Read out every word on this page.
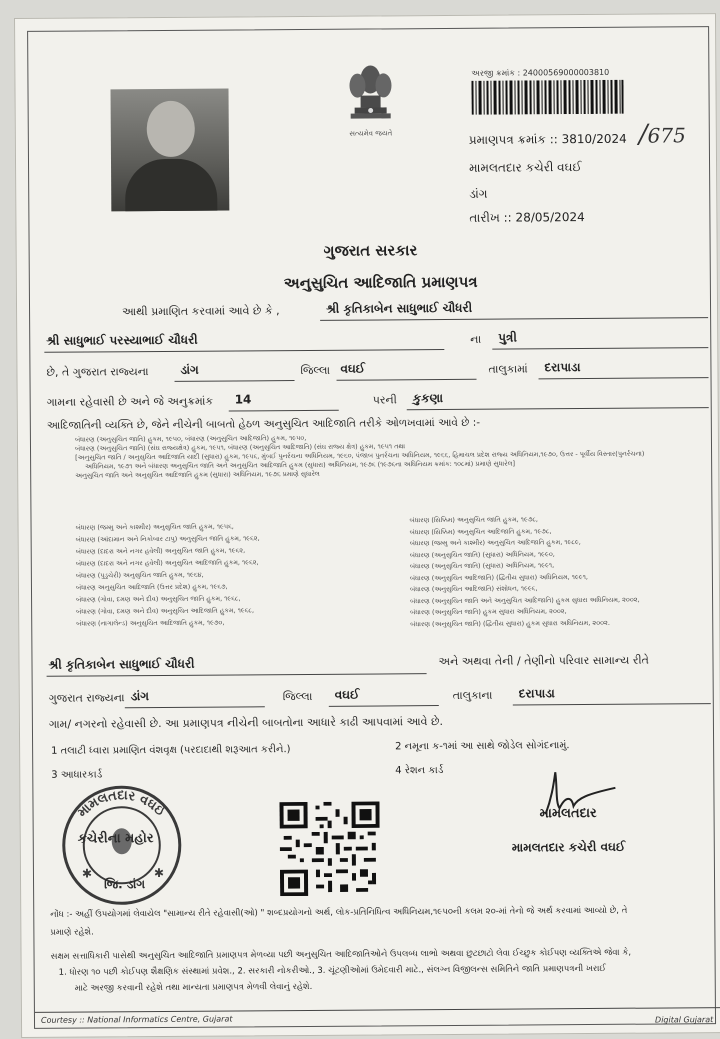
સત્યમેવ જયતે
અરજી ક્રમાંક : 24000569000003810
પ્રમાણપત્ર ક્રમાંક :: 3810/2024 /675
મામલતદાર કચેરી વઘઈ
ડાંગ
તારીખ :: 28/05/2024
ગુજરાત સરકાર
અનુસુચિત આદિજાતિ પ્રમાણપત્ર
આથી પ્રમાણિત કરવામાં આવે છે કે ,	શ્રી કૃતિકાબેન સાધુભાઈ ચૌધરી
શ્રી સાધુભાઈ પરસ્યાભાઈ ચૌધરી	ના પુત્રી
છે, તે ગુજરાત રાજ્યના	ડાંગ	જિલ્લા વઘઈ	તાલુકામાં દરાપાડા
ગામના રહેવાસી છે અને જે અનુક્રમાંક 14	પરની કુકણા
આદિજાતિની વ્યક્તિ છે, જેને નીચેની બાબતો હેઠળ અનુસુચિત આદિજાતિ તરીકે ઓળખવામાં આવે છે :-
બંધારણ (અનુસુચિત જાતિ) હુકમ, ૧૯૫૦, બંધારણ (અનુસુચિત આદિજાતિ) હુકમ, ૧૯૫૦,
બંધારણ (અનુસુચિત જાતિ) (સંઘ રાજ્યક્ષેત્ર) હુકમ, ૧૯૫૧, બંધારણ (અનુસુચિત આદિજાતિ) (સંઘ રાજ્ય ક્ષેત્ર) હુકમ, ૧૯૫૧ તથા
[અનુસુચિત જાતિ / અનુસુચિત આદિજાતિ યાદી (સુધારા) હુકમ, ૧૯૫૬, મુંબઈ પુનર્રચના અધિનિયમ, ૧૯૬૦, પંજાબ પુનર્રચના અધિનિયમ, ૧૯૬૬, હિમાચલ પ્રદેશ રાજ્ય અધિનિયમ,૧૯૭૦, ઉત્તર - પૂર્વીય વિસ્તાર(પુનર્રચના)
અધિનિયમ, ૧૯૭૧ અને બંધારણ અનુસુચિત જાતિ અને અનુસુચિત આદિજાતિ હુકમ (સુધારા) અધિનિયમ, ૧૯૭૬ (૧૯૭૬ના અધિનિયમ ક્રમાંક: ૧૦૮માં) પ્રમાણે સુધારેલ]
અનુસુચિત જાતિ અને અનુસુચિત આદિજાતિ હુકમ (સુધારા) અધિનિયમ, ૧૯૭૬ પ્રમાણે સુધારેલ
બંધારણ (જમ્મુ અને કાશ્મીર) અનુસુચિત જાતિ હુકમ, ૧૯૫૬,
બંધારણ (આંદામાન અને નિકોબાર ટાપુ) અનુસુચિત જાતિ હુકમ, ૧૯૬૨,
બંધારણ (દાદરા અને નગર હવેલી) અનુસુચિત જાતિ હુકમ, ૧૯૬૨,
બંધારણ (દાદરા અને નગર હવેલી) અનુસુચિત આદિજાતિ હુકમ, ૧૯૬૨,
બંધારણ (પુડુચેરી) અનુસુચિત જાતિ હુકમ, ૧૯૬૪,
બંધારણ અનુસુચિત આદિજાતિ (ઉત્તર પ્રદેશ) હુકમ, ૧૯૬૭,
બંધારણ (ગોવા, દમણ અને દીવ) અનુસુચિત જાતિ હુકમ, ૧૯૬૮,
બંધારણ (ગોવા, દમણ અને દીવ) અનુસુચિત આદિજાતિ હુકમ, ૧૯૬૮,
બંધારણ (નાગાલેન્ડ) અનુસુચિત આદિજાતિ હુકમ, ૧૯૭૦,
બંધારણ (સિક્કિમ) અનુસુચિત જાતિ હુકમ, ૧૯૭૮,
બંધારણ (સિક્કિમ) અનુસુચિત આદિજાતિ હુકમ, ૧૯૭૮,
બંધારણ (જમ્મુ અને કાશ્મીર) અનુસુચિત આદિજાતિ હુકમ, ૧૯૮૯,
બંધારણ (અનુસુચિત જાતિ) (સુધારા) અધિનિયમ, ૧૯૯૦,
બંધારણ (અનુસુચિત જાતિ) (સુધારા) અધિનિયમ, ૧૯૯૧,
બંધારણ (અનુસુચિત આદિજાતિ) (દ્વિતીય સુધારા) અધિનિયમ, ૧૯૯૧,
બંધારણ (અનુસુચિત આદિજાતિ) સંશોધન, ૧૯૯૬,
બંધારણ (અનુસુચિત જાતિ અને અનુસુચિત આદિજાતિ) હુકમ સુધારા અધિનિયમ, ૨૦૦૨,
બંધારણ (અનુસુચિત જાતિ) હુકમ સુધારા અધિનિયમ, ૨૦૦૨,
બંધારણ (અનુસુચિત જાતિ) (દ્વિતીય સુધારા) હુકમ સુધારા અધિનિયમ, ૨૦૦૨.
શ્રી કૃતિકાબેન સાધુભાઈ ચૌધરી	અને અથવા તેની / તેણીનો પરિવાર સામાન્ય રીતે
ગુજરાત રાજ્યના ડાંગ	જિલ્લા વઘઈ	તાલુકાના દરાપાડા
ગામ/ નગરનો રહેવાસી છે. આ પ્રમાણપત્ર નીચેની બાબતોના આધારે કાઢી આપવામાં આવે છે.
1 તલાટી ધ્વારા પ્રમાણિત વંશવૃક્ષ (પરદાદાથી શરૂઆત કરીને.)	2 નમૂના ક-૧માં આ સાથે જોડેલ સોગંદનામું.
3 આધારકાર્ડ	4 રેશન કાર્ડ
મામલતદાર વઘઈ
✱	✱
કચેરીના મહોર
જિ. ડાંગ
મામલતદાર
મામલતદાર કચેરી વઘઈ
નોંધ :- અહીં ઉપયોગમાં લેવાયેલ "સામાન્ય રીતે રહેવાસી(ઓ) " શબ્દપ્રયોગનો અર્થ, લોક-પ્રતિનિધિત્વ અધિનિયમ,૧૯૫૦ની કલમ ૨૦-માં તેનો જે અર્થ કરવામાં આવ્યો છે, તે
પ્રમાણે રહેશે.
સક્ષમ સત્તાધિકારી પાસેથી અનુસુચિત આદિજાતિ પ્રમાણપત્ર મેળવ્યા પછી અનુસુચિત આદિજાતિઓને ઉપલબ્ધ લાભો અથવા છુટછાટો લેવા ઈચ્છુક કોઈપણ વ્યક્તિએ જેવા કે,
1. ધોરણ ૧૦ પછી કોઈપણ શૈક્ષણિક સંસ્થામાં પ્રવેશ., 2. સરકારી નોકરીઓ., 3. ચૂંટણીઓમાં ઉમેદવારી માટે., સંલગ્ન વિજીલન્સ સમિતિને જાતિ પ્રમાણપત્રની ખરાઈ
માટે અરજી કરવાની રહેશે તથા માન્યતા પ્રમાણપત્ર મેળવી લેવાનું રહેશે.
Courtesy :: National Informatics Centre, Gujarat	Digital Gujarat
